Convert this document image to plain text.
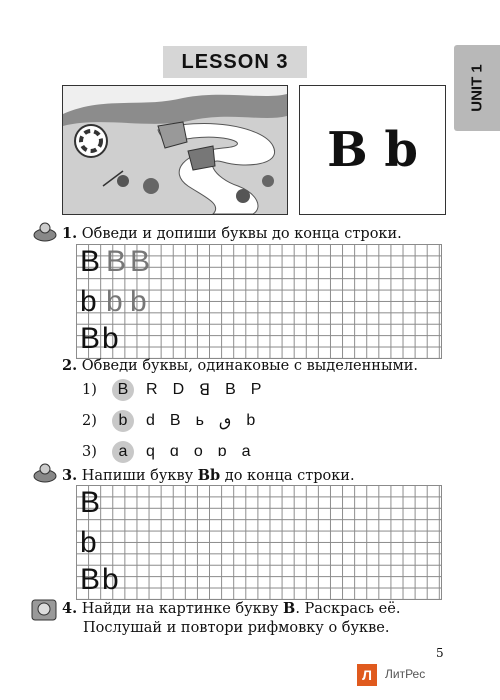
LESSON 3
UNIT 1
B b
1. Обведи и допиши буквы до конца строки.
B B B
b b b
B b
2. Обведи буквы, одинаковые с выделенными.
1)	B	R D ꓭ B P
2)	b	d B ь ٯ b
3)	a	q ɑ o ɒ a
3. Напиши букву Bb до конца строки.
B
b
B b
4. Найди на картинке букву B. Раскрась её.
Послушай и повтори рифмовку о букве.
5
Л	ЛитРес
